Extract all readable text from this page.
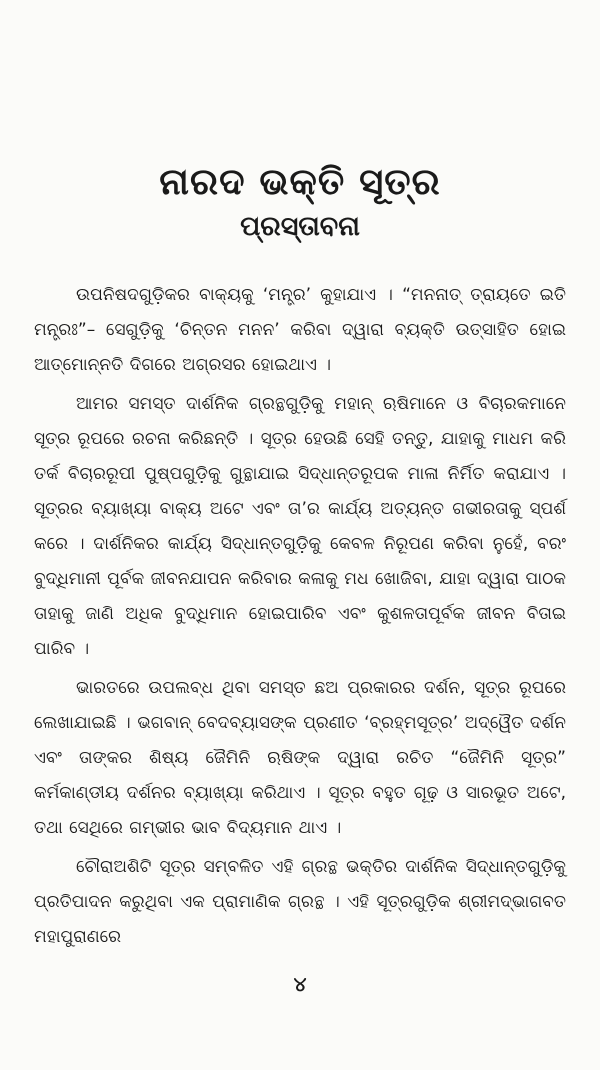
ନାରଦ ଭକ୍ତି ସୂତ୍ର
ପ୍ରସ୍ତାବନା

ଉପନିଷଦଗୁଡ଼ିକର ବାକ୍ୟକୁ ‘ମନ୍ତ୍ର’ କୁହାଯାଏ । “ମନନାତ୍ ତ୍ରାୟତେ ଇତି ମନ୍ତ୍ରଃ”– ସେଗୁଡ଼ିକୁ ‘ଚିନ୍ତନ ମନନ’ କରିବା ଦ୍ୱାରା ବ୍ୟକ୍ତି ଉତ୍ସାହିତ ହୋଇ ଆତ୍ମୋନ୍ନତି ଦିଗରେ ଅଗ୍ରସର ହୋଇଥାଏ ।

ଆମର ସମସ୍ତ ଦାର୍ଶନିକ ଗ୍ରନ୍ଥଗୁଡ଼ିକୁ ମହାନ୍ ଋଷିମାନେ ଓ ବିଚାରକମାନେ ସୂତ୍ର ରୂପରେ ରଚନା କରିଛନ୍ତି । ସୂତ୍ର ହେଉଛି ସେହି ତନ୍ତୁ, ଯାହାକୁ ମାଧମ କରି ତର୍କ ବିଚାରରୂପୀ ପୁଷ୍ପଗୁଡ଼ିକୁ ଗୁନ୍ଥାଯାଇ ସିଦ୍ଧାନ୍ତରୂପକ ମାଳା ନିର୍ମିତ କରାଯାଏ । ସୂତ୍ରର ବ୍ୟାଖ୍ୟା ବାକ୍ୟ ଅଟେ ଏବଂ ତା’ର କାର୍ଯ୍ୟ ଅତ୍ୟନ୍ତ ଗଭୀରତାକୁ ସ୍ପର୍ଶ କରେ । ଦାର୍ଶନିକର କାର୍ଯ୍ୟ ସିଦ୍ଧାନ୍ତଗୁଡ଼ିକୁ କେବଳ ନିରୂପଣ କରିବା ନୁହେଁ, ବରଂ ବୁଦ୍ଧିମାନୀ ପୂର୍ବକ ଜୀବନଯାପନ କରିବାର କଳାକୁ ମଧ ଖୋଜିବା, ଯାହା ଦ୍ୱାରା ପାଠକ ତାହାକୁ ଜାଣି ଅଧିକ ବୁଦ୍ଧିମାନ ହୋଇପାରିବ ଏବଂ କୁଶଳତାପୂର୍ବକ ଜୀବନ ବିତାଇ ପାରିବ ।

ଭାରତରେ ଉପଲବ୍ଧ ଥିବା ସମସ୍ତ ଛଅ ପ୍ରକାରର ଦର୍ଶନ, ସୂତ୍ର ରୂପରେ ଲେଖାଯାଇଛି । ଭଗବାନ୍ ବେଦବ୍ୟାସଙ୍କ ପ୍ରଣୀତ ‘ବ୍ରହ୍ମସୂତ୍ର’ ଅଦ୍ୱୈତ ଦର୍ଶନ ଏବଂ ତାଙ୍କର ଶିଷ୍ୟ ଜୈମିନି ଋଷିଙ୍କ ଦ୍ୱାରା ରଚିତ “ଜୈମିନି ସୂତ୍ର” କର୍ମକାଣ୍ଡୀୟ ଦର୍ଶନର ବ୍ୟାଖ୍ୟା କରିଥାଏ । ସୂତ୍ର ବହୁତ ଗୂଢ଼ ଓ ସାରଭୂତ ଅଟେ, ତଥା ସେଥିରେ ଗମ୍ଭୀର ଭାବ ବିଦ୍ୟମାନ ଥାଏ ।

ଚୌରାଅଶିଟି ସୂତ୍ର ସମ୍ବଳିତ ଏହି ଗ୍ରନ୍ଥ ଭକ୍ତିର ଦାର୍ଶନିକ ସିଦ୍ଧାନ୍ତଗୁଡ଼ିକୁ ପ୍ରତିପାଦନ କରୁଥିବା ଏକ ପ୍ରାମାଣିକ ଗ୍ରନ୍ଥ । ଏହି ସୂତ୍ରଗୁଡ଼ିକ ଶ୍ରୀମଦ୍‌ଭାଗବତ ମହାପୁରାଣରେ

୪
